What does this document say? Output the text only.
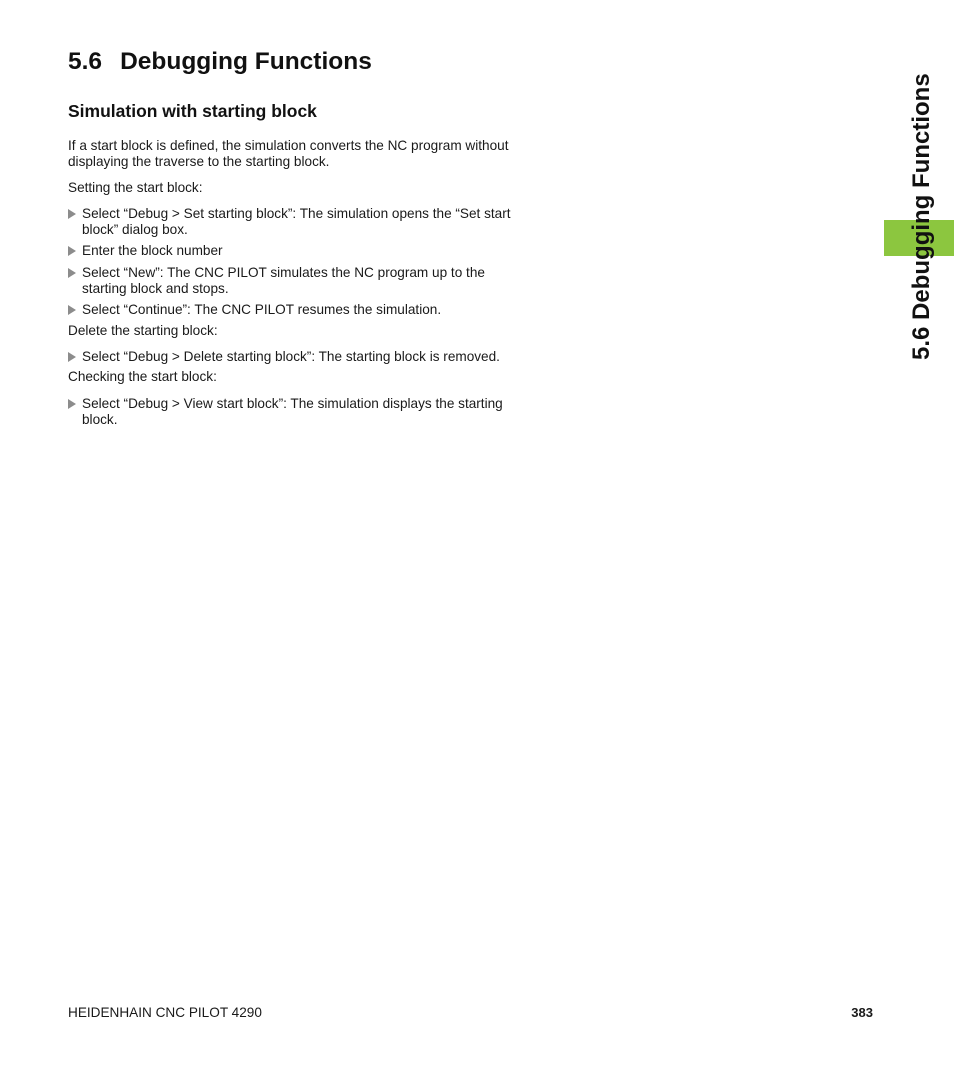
5.6 Debugging Functions
Simulation with starting block

If a start block is defined, the simulation converts the NC program without displaying the traverse to the starting block.

Setting the start block:

Select “Debug > Set starting block”: The simulation opens the “Set start block” dialog box.
Enter the block number
Select “New”: The CNC PILOT simulates the NC program up to the starting block and stops.
Select “Continue”: The CNC PILOT resumes the simulation.

Delete the starting block:

Select “Debug > Delete starting block”: The starting block is removed.

Checking the start block:

Select “Debug > View start block”: The simulation displays the starting block.
5.6 Debugging Functions
HEIDENHAIN CNC PILOT 4290	383
